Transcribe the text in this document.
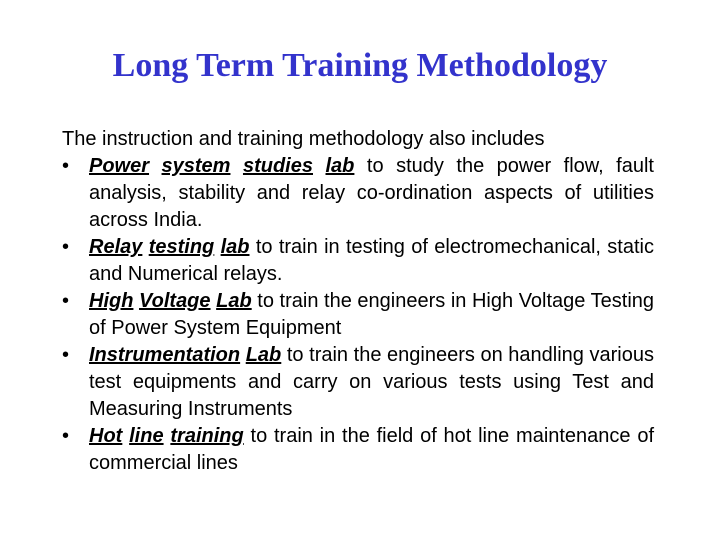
Long Term Training Methodology

The instruction and training methodology also includes

• Power system studies lab to study the power flow, fault analysis, stability and relay co-ordination aspects of utilities across India.
• Relay testing lab to train in testing of electromechanical, static and Numerical relays.
• High Voltage Lab to train the engineers in High Voltage Testing of Power System Equipment
• Instrumentation Lab to train the engineers on handling various test equipments and carry on various tests using Test and Measuring Instruments
• Hot line training to train in the field of hot line maintenance of commercial lines
